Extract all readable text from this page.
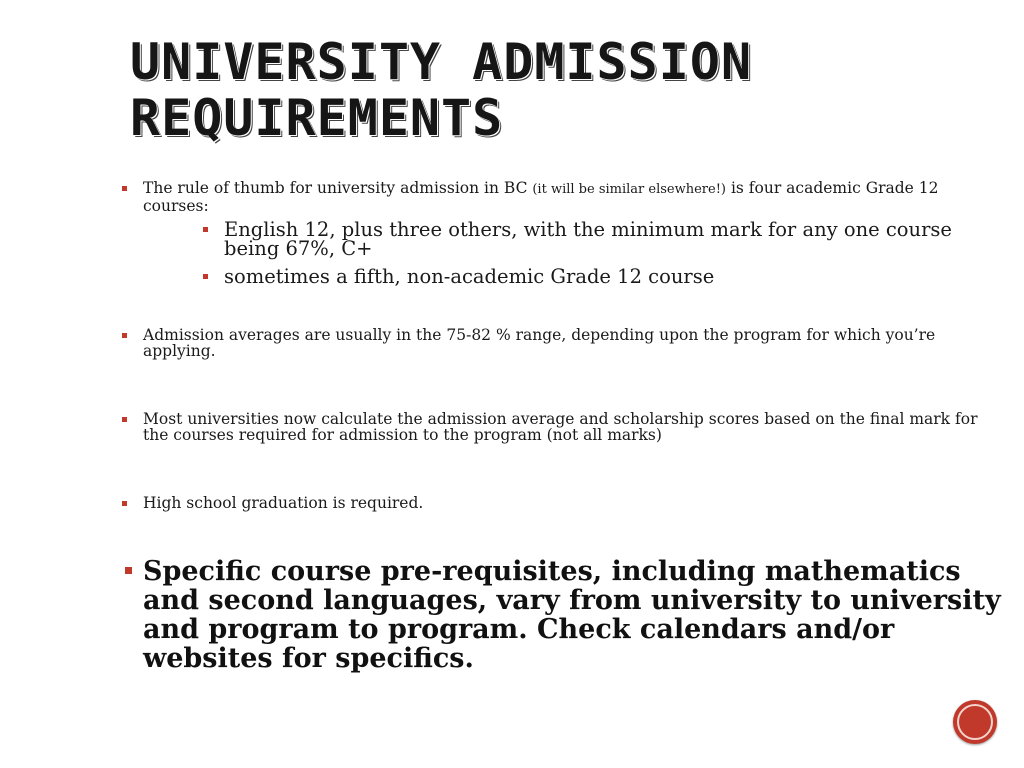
UNIVERSITY ADMISSION
REQUIREMENTS
The rule of thumb for university admission in BC (it will be similar elsewhere!) is four academic Grade 12 courses:
English 12, plus three others, with the minimum mark for any one course being 67%, C+
sometimes a fifth, non-academic Grade 12 course
Admission averages are usually in the 75-82 % range, depending upon the program for which you’re applying.
Most universities now calculate the admission average and scholarship scores based on the final mark for the courses required for admission to the program (not all marks)
High school graduation is required.
Specific course pre-requisites, including mathematics and second languages, vary from university to university and program to program. Check calendars and/or websites for specifics.
